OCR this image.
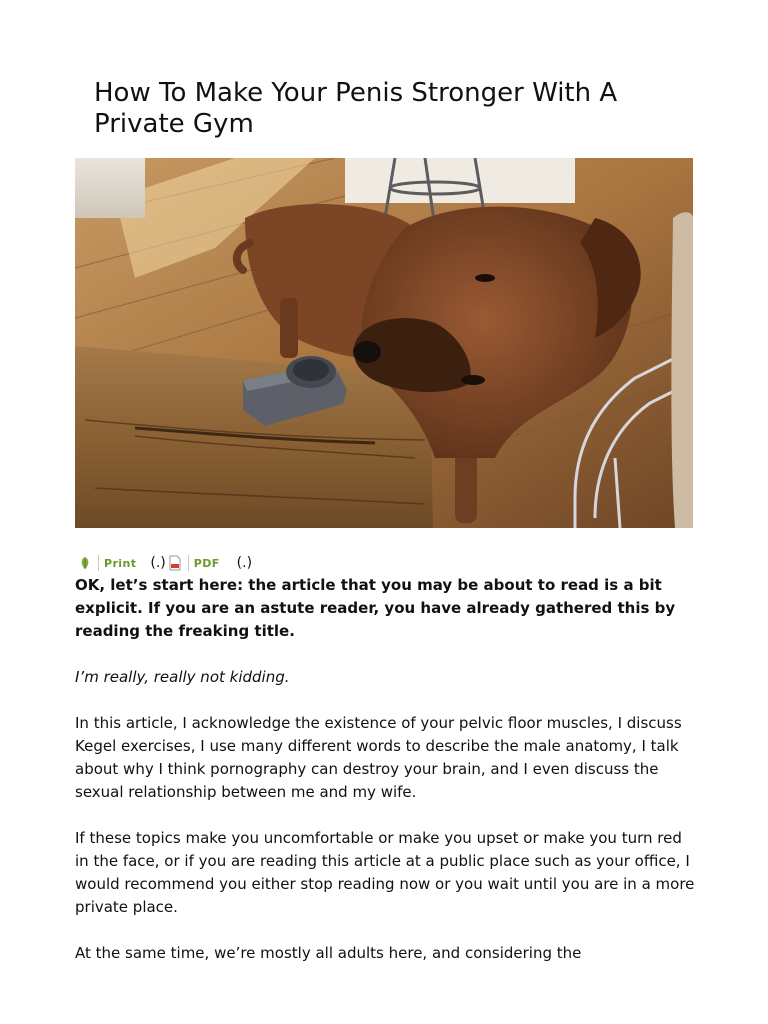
How To Make Your Penis Stronger With A Private Gym
Print (.)	PDF (.)

OK, let’s start here: the article that you may be about to read is a bit explicit. If you are an astute reader, you have already gathered this by reading the freaking title.

I’m really, really not kidding.

In this article, I acknowledge the existence of your pelvic floor muscles, I discuss Kegel exercises, I use many different words to describe the male anatomy, I talk about why I think pornography can destroy your brain, and I even discuss the sexual relationship between me and my wife.

If these topics make you uncomfortable or make you upset or make you turn red in the face, or if you are reading this article at a public place such as your office, I would recommend you either stop reading now or you wait until you are in a more private place.

At the same time, we’re mostly all adults here, and considering the
